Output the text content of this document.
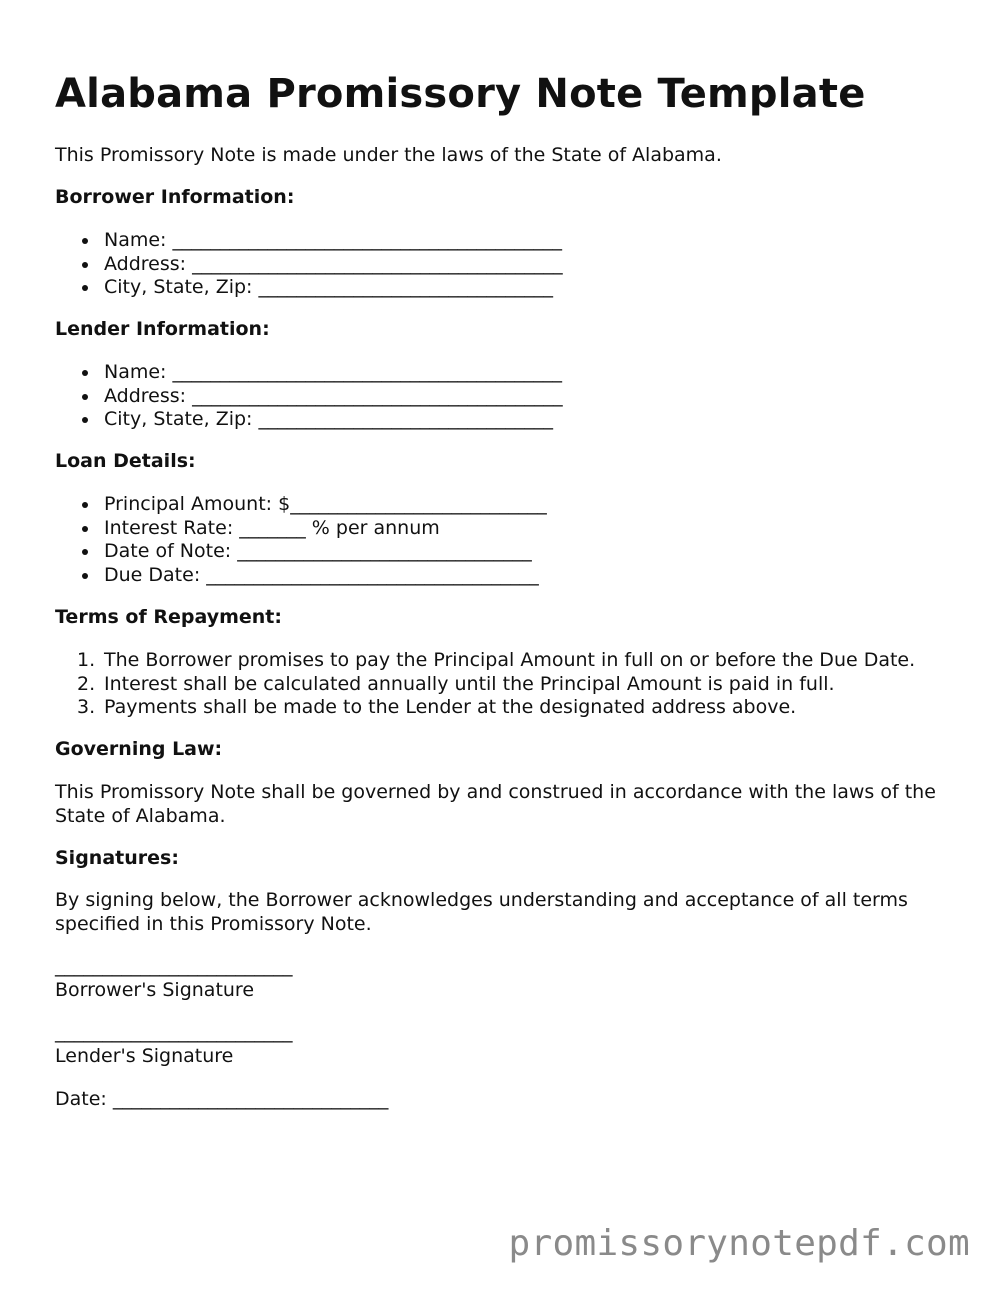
Alabama Promissory Note Template
This Promissory Note is made under the laws of the State of Alabama.
Borrower Information:
Name: _________________________________________
Address: _______________________________________
City, State, Zip: _______________________________
Lender Information:
Name: _________________________________________
Address: _______________________________________
City, State, Zip: _______________________________
Loan Details:
Principal Amount: $___________________________
Interest Rate: _______ % per annum
Date of Note: _______________________________
Due Date: ___________________________________
Terms of Repayment:
1. The Borrower promises to pay the Principal Amount in full on or before the Due Date.
2. Interest shall be calculated annually until the Principal Amount is paid in full.
3. Payments shall be made to the Lender at the designated address above.
Governing Law:
This Promissory Note shall be governed by and construed in accordance with the laws of the State of Alabama.
Signatures:
By signing below, the Borrower acknowledges understanding and acceptance of all terms specified in this Promissory Note.
_________________________
Borrower's Signature
_________________________
Lender's Signature
Date: _____________________________
promissorynotepdf.com
